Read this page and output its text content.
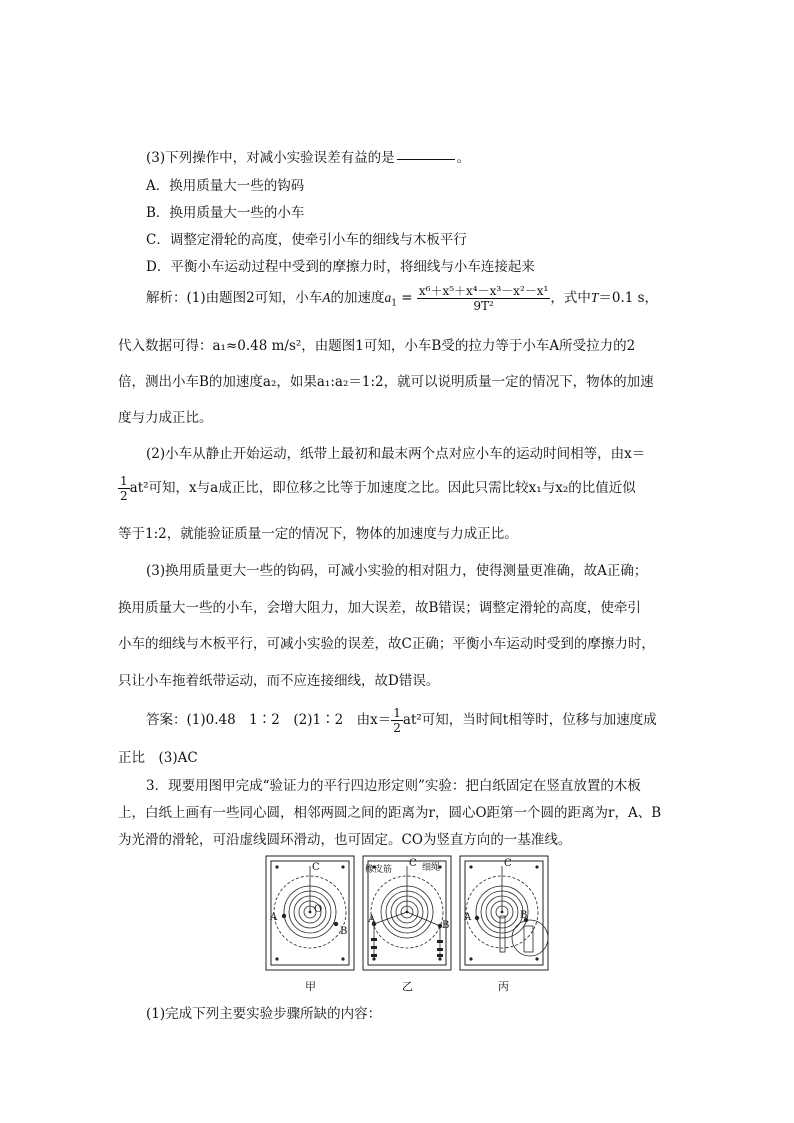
(3)下列操作中，对减小实验误差有益的是	。
A．换用质量大一些的钩码
B．换用质量大一些的小车
C．调整定滑轮的高度，使牵引小车的细线与木板平行
D．平衡小车运动过程中受到的摩擦力时，将细线与小车连接起来
解析：(1)由题图2可知，小车A的加速度$a_1 = \frac{\text{x⁶＋x⁵＋x⁴－x³－x²－x¹}}{\text{9T²}}$ ，式中T＝0.1 s，
代入数据可得：a₁≈0.48 m/s²，由题图1可知，小车B受的拉力等于小车A所受拉力的2
倍，测出小车B的加速度a₂，如果a₁:a₂＝1:2，就可以说明质量一定的情况下，物体的加速
度与力成正比。
(2)小车从静止开始运动，纸带上最初和最末两个点对应小车的运动时间相等，由x＝
$\frac{1}{2} at^2$可知，x与a成正比，即位移之比等于加速度之比。因此只需比较x₁与x₂的比值近似
等于1:2，就能验证质量一定的情况下，物体的加速度与力成正比。
(3)换用质量更大一些的钩码，可减小实验的相对阻力，使得测量更准确，故A正确；
换用质量大一些的小车，会增大阻力，加大误差，故B错误；调整定滑轮的高度，使牵引
小车的细线与木板平行，可减小实验的误差，故C正确；平衡小车运动时受到的摩擦力时，
只让小车拖着纸带运动，而不应连接细线，故D错误。
答案：(1)0.48　1∶2　(2)1∶2　由$x= \frac{1}{2} at^2$可知，当时间t相等时，位移与加速度成
正比　(3)AC
3．现要用图甲完成“验证力的平行四边形定则”实验：把白纸固定在竖直放置的木板
上，白纸上画有一些同心圆，相邻两圆之间的距离为r，圆心O距第一个圆的距离为r，A、B
为光滑的滑轮，可沿虚线圆环滑动，也可固定。CO为竖直方向的一基准线。
C
O
A
B
C
橡皮筋	细绳
A
B
C
A	B
甲	乙	丙
(1)完成下列主要实验步骤所缺的内容：
